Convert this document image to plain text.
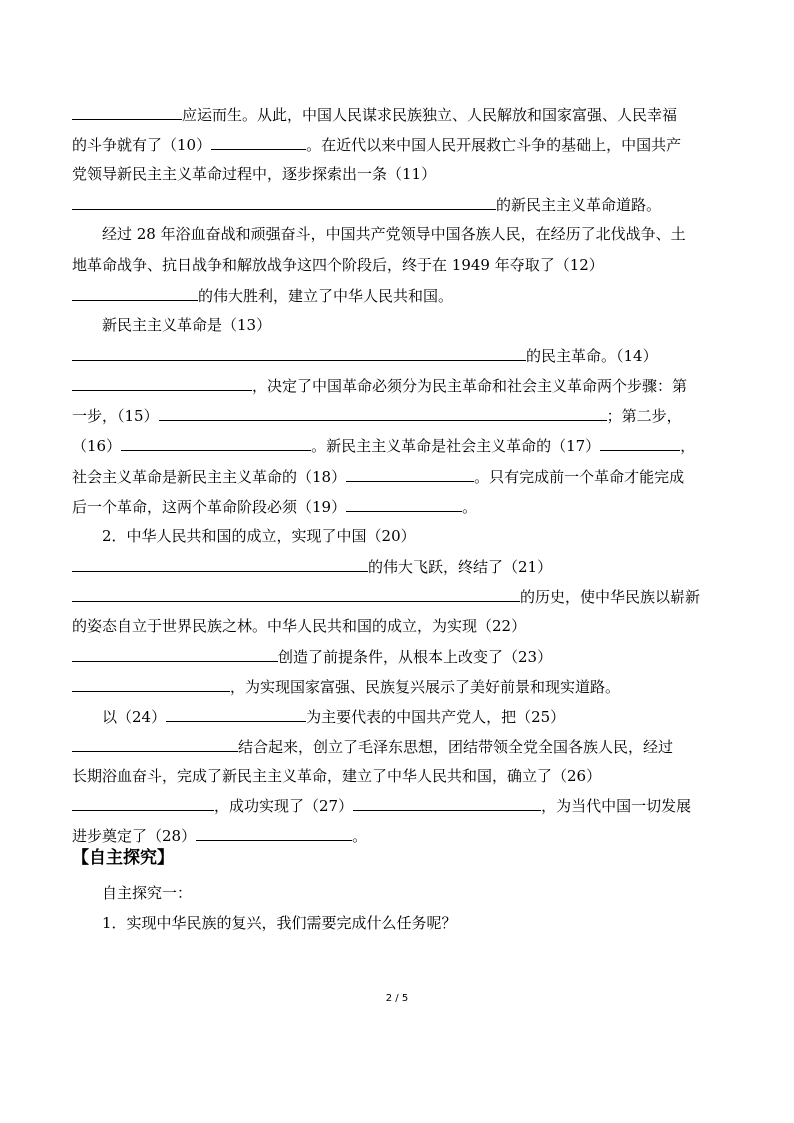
应运而生。从此，中国人民谋求民族独立、人民解放和国家富强、人民幸福
的斗争就有了（10）	。在近代以来中国人民开展救亡斗争的基础上，中国共产
党领导新民主主义革命过程中，逐步探索出一条（11）
的新民主主义革命道路。
经过 28 年浴血奋战和顽强奋斗，中国共产党领导中国各族人民，在经历了北伐战争、土
地革命战争、抗日战争和解放战争这四个阶段后，终于在 1949 年夺取了（12）
的伟大胜利，建立了中华人民共和国。
新民主主义革命是（13）
的民主革命。（14）
，决定了中国革命必须分为民主革命和社会主义革命两个步骤：第
一步，（15）	；第二步，
（16）	。新民主主义革命是社会主义革命的（17）	，
社会主义革命是新民主主义革命的（18）	。只有完成前一个革命才能完成
后一个革命，这两个革命阶段必须（19）	。
2．中华人民共和国的成立，实现了中国（20）
的伟大飞跃，终结了（21）
的历史，使中华民族以崭新
的姿态自立于世界民族之林。中华人民共和国的成立，为实现（22）
创造了前提条件，从根本上改变了（23）
，为实现国家富强、民族复兴展示了美好前景和现实道路。
以（24）	为主要代表的中国共产党人，把（25）
结合起来，创立了毛泽东思想，团结带领全党全国各族人民，经过
长期浴血奋斗，完成了新民主主义革命，建立了中华人民共和国，确立了（26）
，成功实现了（27）	，为当代中国一切发展
进步奠定了（28）	。
自主探究一：
1．实现中华民族的复兴，我们需要完成什么任务呢？
【自主探究】
2 / 5
